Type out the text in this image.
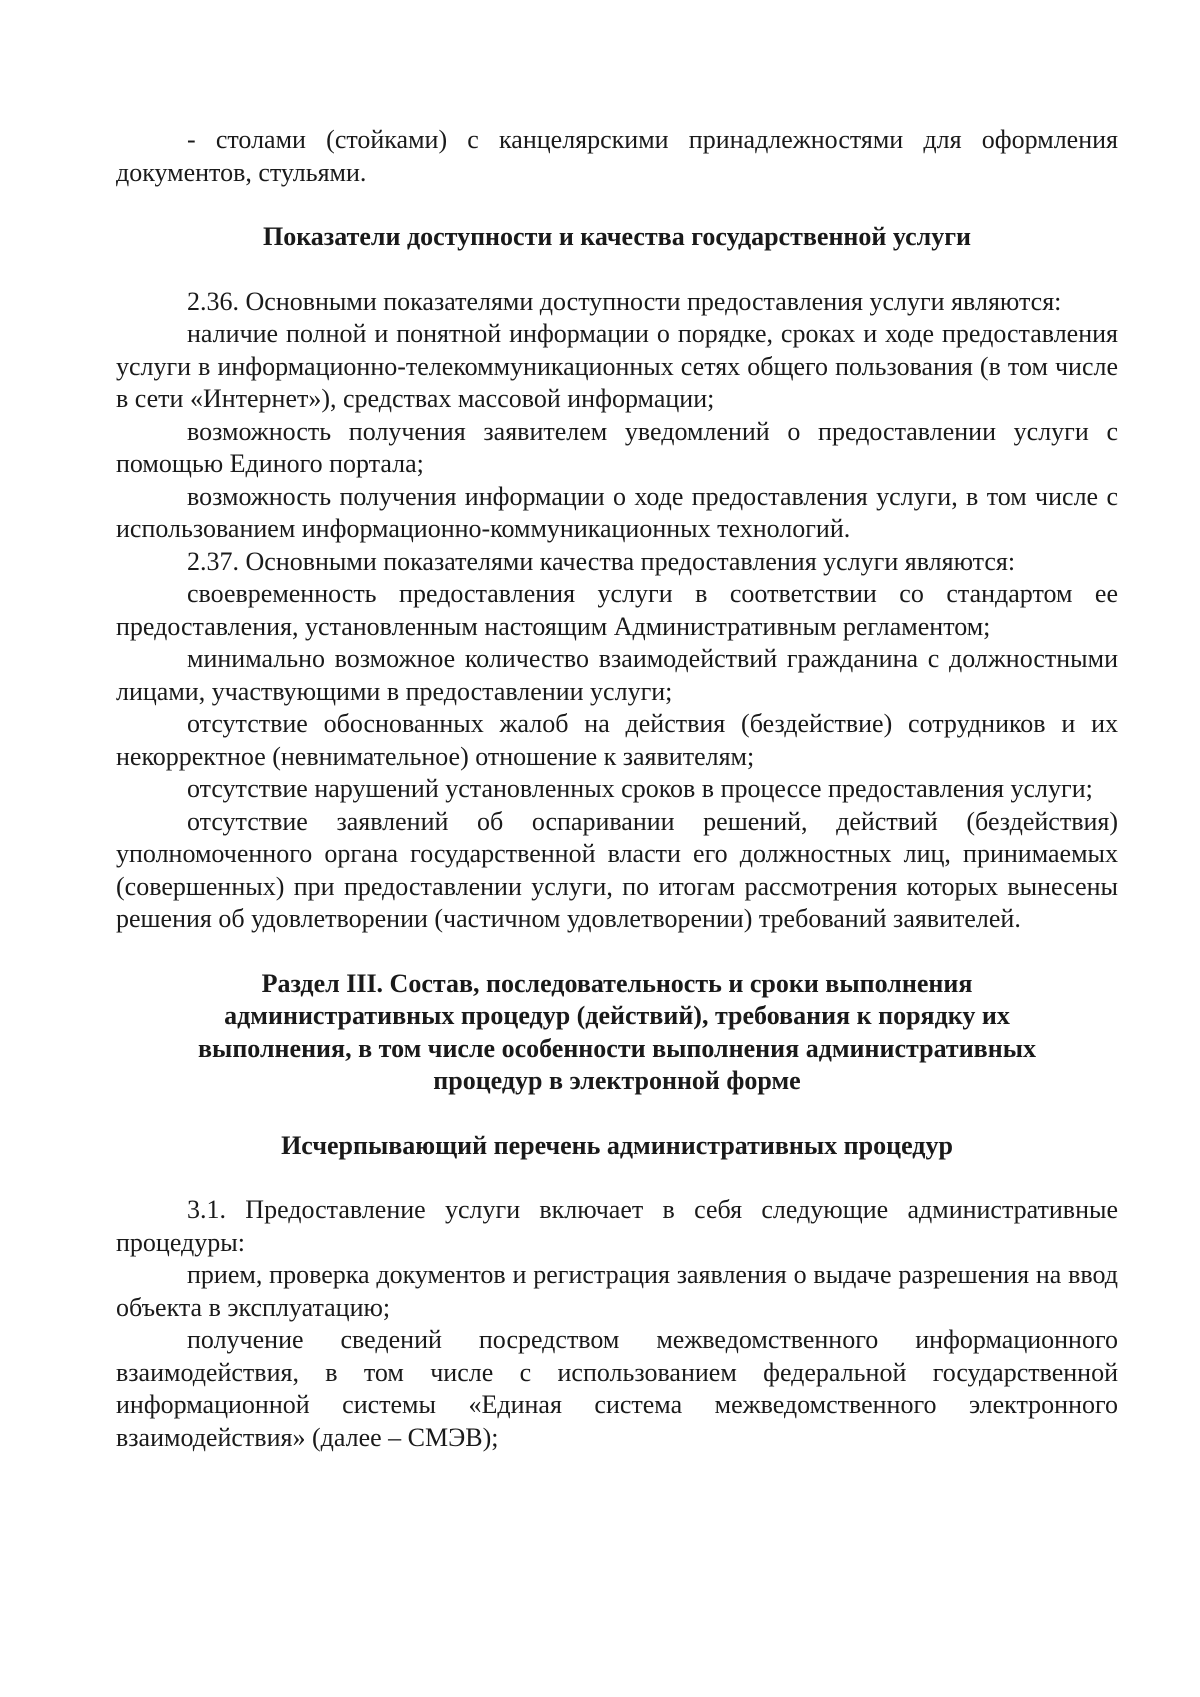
- столами (стойками) с канцелярскими принадлежностями для оформления документов, стульями.

Показатели доступности и качества государственной услуги

2.36. Основными показателями доступности предоставления услуги являются:

наличие полной и понятной информации о порядке, сроках и ходе предоставления услуги в информационно-телекоммуникационных сетях общего пользования (в том числе в сети «Интернет»), средствах массовой информации;

возможность получения заявителем уведомлений о предоставлении услуги с помощью Единого портала;

возможность получения информации о ходе предоставления услуги, в том числе с использованием информационно-коммуникационных технологий.

2.37. Основными показателями качества предоставления услуги являются:

своевременность предоставления услуги в соответствии со стандартом ее предоставления, установленным настоящим Административным регламентом;

минимально возможное количество взаимодействий гражданина с должностными лицами, участвующими в предоставлении услуги;

отсутствие обоснованных жалоб на действия (бездействие) сотрудников и их некорректное (невнимательное) отношение к заявителям;

отсутствие нарушений установленных сроков в процессе предоставления услуги;

отсутствие заявлений об оспаривании решений, действий (бездействия) уполномоченного органа государственной власти его должностных лиц, принимаемых (совершенных) при предоставлении услуги, по итогам рассмотрения которых вынесены решения об удовлетворении (частичном удовлетворении) требований заявителей.

Раздел III. Состав, последовательность и сроки выполнения административных процедур (действий), требования к порядку их выполнения, в том числе особенности выполнения административных процедур в электронной форме

Исчерпывающий перечень административных процедур

3.1. Предоставление услуги включает в себя следующие административные процедуры:

прием, проверка документов и регистрация заявления о выдаче разрешения на ввод объекта в эксплуатацию;

получение сведений посредством межведомственного информационного взаимодействия, в том числе с использованием федеральной государственной информационной системы «Единая система межведомственного электронного взаимодействия» (далее – СМЭВ);
